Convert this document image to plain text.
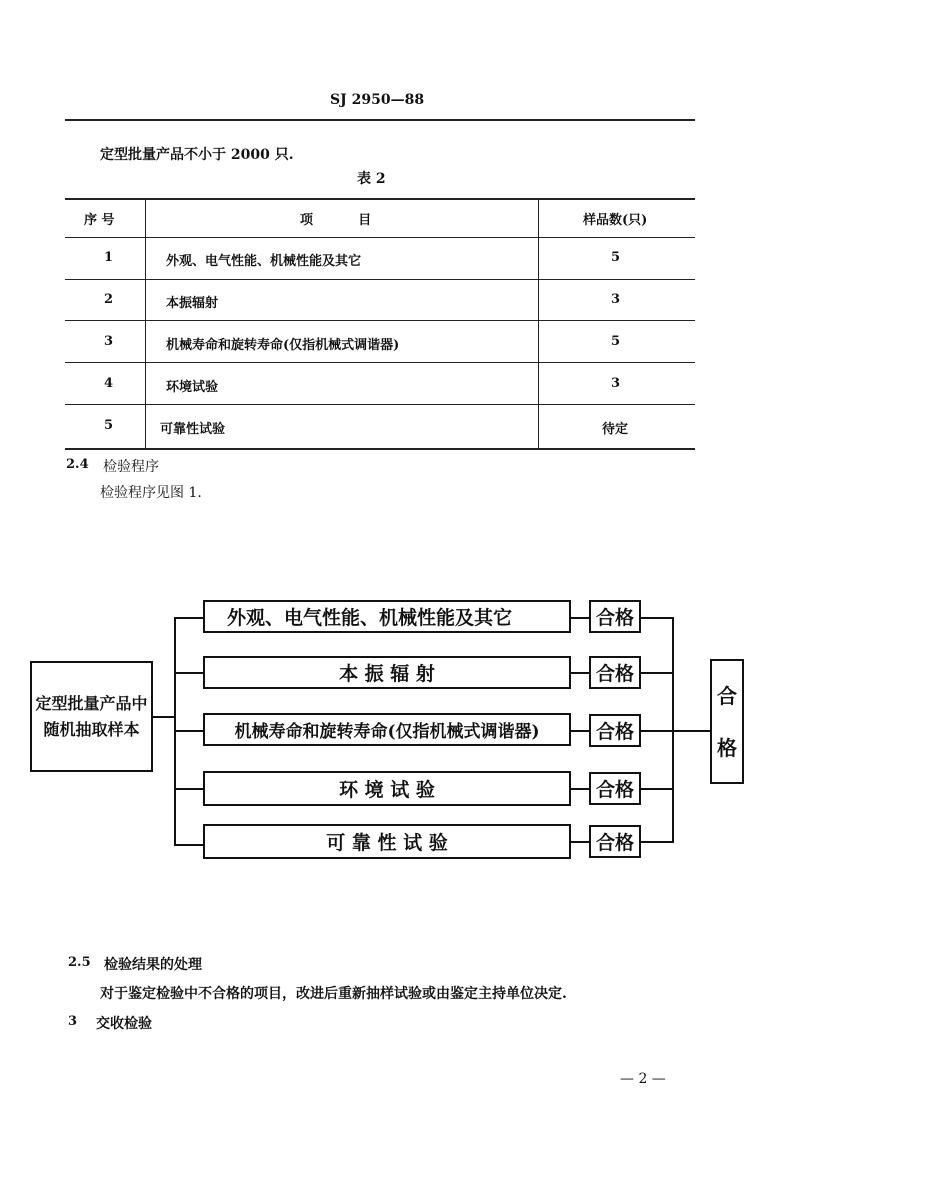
SJ 2950—88
定型批量产品不小于 2000 只.
表 2
序 号	项          目	样品数(只)
1	外观、电气性能、机械性能及其它	5
2	本振辐射	3
3	机械寿命和旋转寿命(仅指机械式调谐器)	5
4	环境试验	3
5	可靠性试验	待定
2.4 检验程序
检验程序见图 1.
定型批量产品中
随机抽取样本
外观、电气性能、机械性能及其它
本 振 辐 射
机械寿命和旋转寿命(仅指机械式调谐器)
环 境 试 验
可 靠 性 试 验
合格
合格
合格
合格
合格
合
格
2.5 检验结果的处理
对于鉴定检验中不合格的项目，改进后重新抽样试验或由鉴定主持单位决定.
3 交收检验
— 2 —
